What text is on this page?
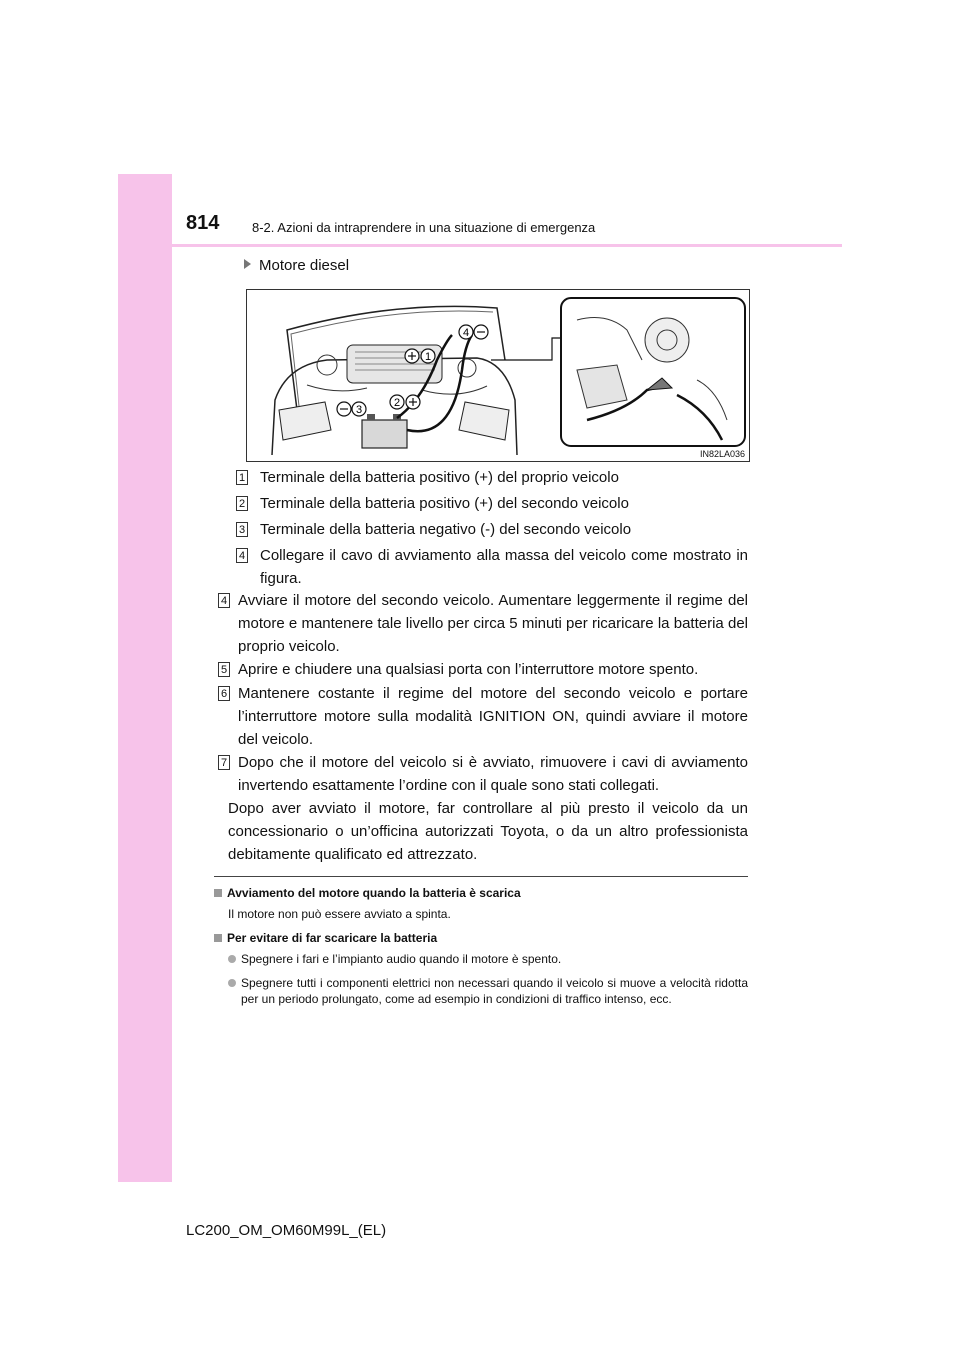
814	8-2. Azioni da intraprendere in una situazione di emergenza
Motore diesel
1
2
3
4
IN82LA036
1 Terminale della batteria positivo (+) del proprio veicolo
2 Terminale della batteria positivo (+) del secondo veicolo
3 Terminale della batteria negativo (-) del secondo veicolo
4 Collegare il cavo di avviamento alla massa del veicolo come mostrato in figura.
4 Avviare il motore del secondo veicolo. Aumentare leggermente il regime del motore e mantenere tale livello per circa 5 minuti per ricaricare la batteria del proprio veicolo.
5 Aprire e chiudere una qualsiasi porta con l’interruttore motore spento.
6 Mantenere costante il regime del motore del secondo veicolo e portare l’interruttore motore sulla modalità IGNITION ON, quindi avviare il motore del veicolo.
7 Dopo che il motore del veicolo si è avviato, rimuovere i cavi di avviamento invertendo esattamente l’ordine con il quale sono stati collegati.
Dopo aver avviato il motore, far controllare al più presto il veicolo da un concessionario o un’officina autorizzati Toyota, o da un altro professionista debitamente qualificato ed attrezzato.
Avviamento del motore quando la batteria è scarica
Il motore non può essere avviato a spinta.
Per evitare di far scaricare la batteria
Spegnere i fari e l’impianto audio quando il motore è spento.
Spegnere tutti i componenti elettrici non necessari quando il veicolo si muove a velocità ridotta per un periodo prolungato, come ad esempio in condizioni di traffico intenso, ecc.
LC200_OM_OM60M99L_(EL)
